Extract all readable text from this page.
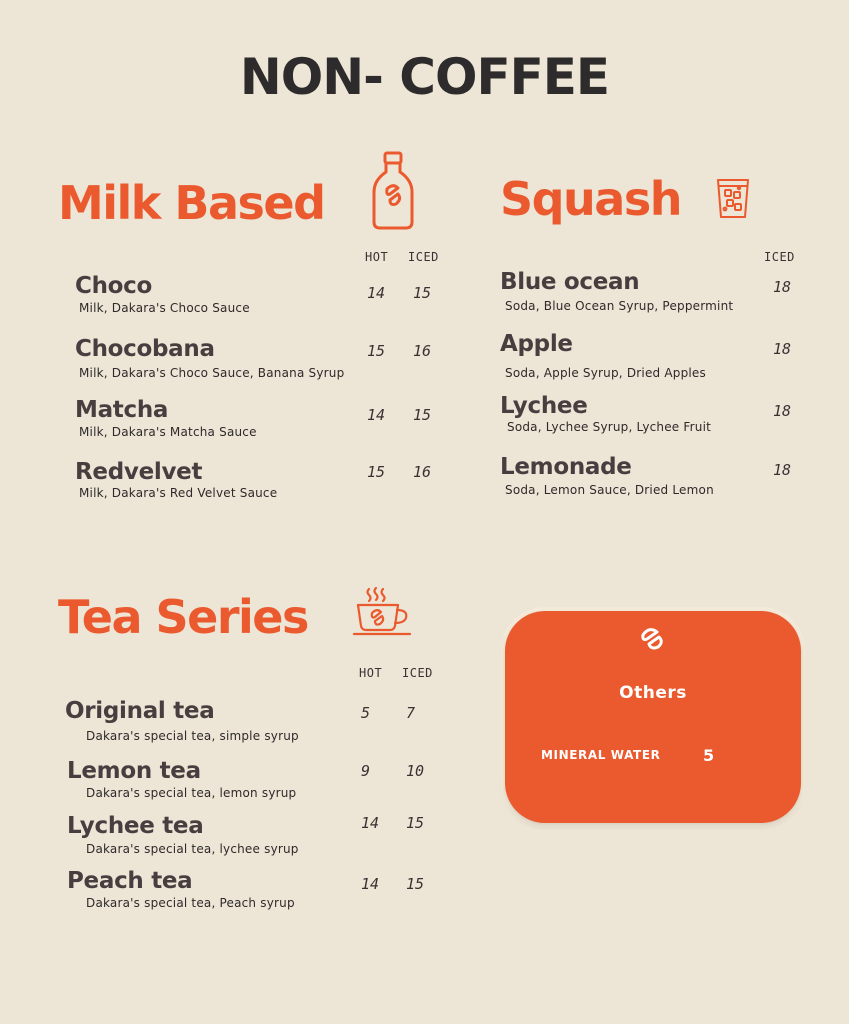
NON- COFFEE
Milk Based
HOT ICED
Choco
Milk, Dakara's Choco Sauce
14 15
Chocobana
Milk, Dakara's Choco Sauce, Banana Syrup
15 16
Matcha
Milk, Dakara's Matcha Sauce
14 15
Redvelvet
Milk, Dakara's Red Velvet Sauce
15 16
Squash
ICED
Blue ocean
Soda, Blue Ocean Syrup, Peppermint
18
Apple
Soda, Apple Syrup, Dried Apples
18
Lychee
Soda, Lychee Syrup, Lychee Fruit
18
Lemonade
Soda, Lemon Sauce, Dried Lemon
18
Tea Series
HOT ICED
Original tea
Dakara's special tea, simple syrup
5 7
Lemon tea
Dakara's special tea, lemon syrup
9 10
Lychee tea
Dakara's special tea, lychee syrup
14 15
Peach tea
Dakara's special tea, Peach syrup
14 15
Others
MINERAL WATER	5
